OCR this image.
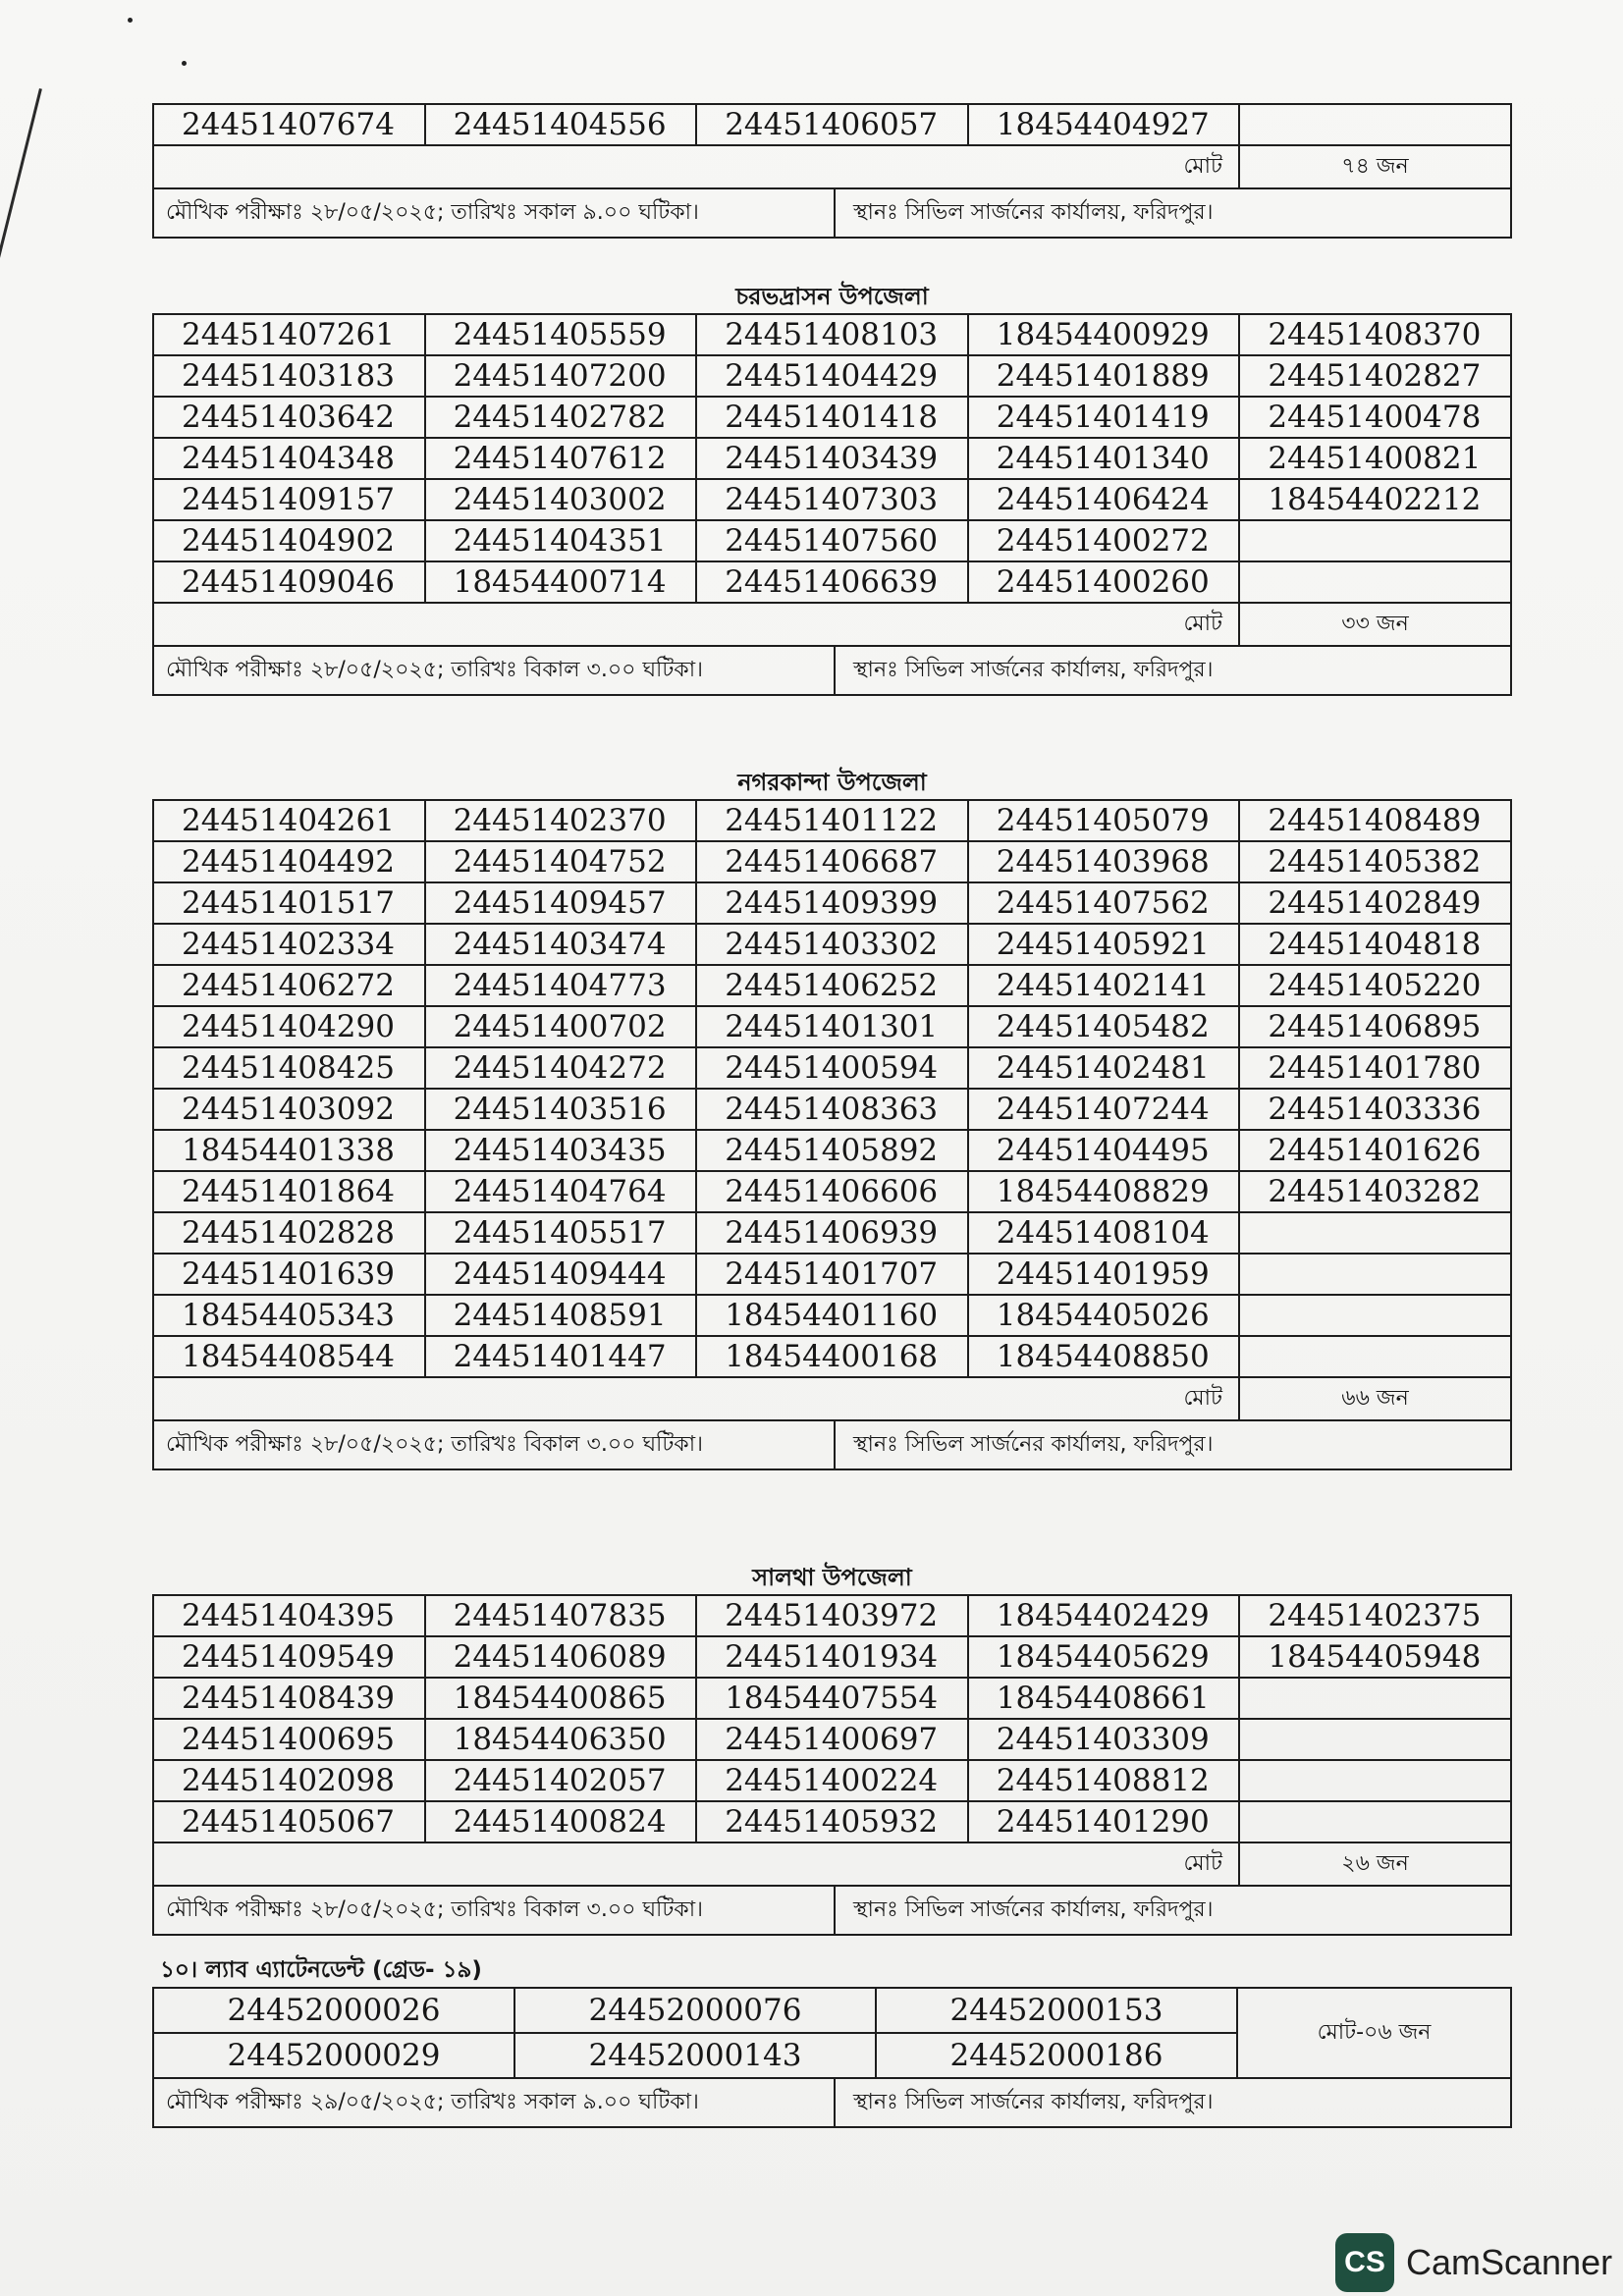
24451407674	24451404556	24451406057	18454404927	
মোট	৭৪ জন
মৌখিক পরীক্ষাঃ ২৮/০৫/২০২৫; তারিখঃ সকাল ৯.০০ ঘটিকা।	স্থানঃ সিভিল সার্জনের কার্যালয়, ফরিদপুর।
চরভদ্রাসন উপজেলা
24451407261	24451405559	24451408103	18454400929	24451408370
24451403183	24451407200	24451404429	24451401889	24451402827
24451403642	24451402782	24451401418	24451401419	24451400478
24451404348	24451407612	24451403439	24451401340	24451400821
24451409157	24451403002	24451407303	24451406424	18454402212
24451404902	24451404351	24451407560	24451400272	
24451409046	18454400714	24451406639	24451400260	
মোট	৩৩ জন
মৌখিক পরীক্ষাঃ ২৮/০৫/২০২৫; তারিখঃ বিকাল ৩.০০ ঘটিকা।	স্থানঃ সিভিল সার্জনের কার্যালয়, ফরিদপুর।
নগরকান্দা উপজেলা
24451404261	24451402370	24451401122	24451405079	24451408489
24451404492	24451404752	24451406687	24451403968	24451405382
24451401517	24451409457	24451409399	24451407562	24451402849
24451402334	24451403474	24451403302	24451405921	24451404818
24451406272	24451404773	24451406252	24451402141	24451405220
24451404290	24451400702	24451401301	24451405482	24451406895
24451408425	24451404272	24451400594	24451402481	24451401780
24451403092	24451403516	24451408363	24451407244	24451403336
18454401338	24451403435	24451405892	24451404495	24451401626
24451401864	24451404764	24451406606	18454408829	24451403282
24451402828	24451405517	24451406939	24451408104	
24451401639	24451409444	24451401707	24451401959	
18454405343	24451408591	18454401160	18454405026	
18454408544	24451401447	18454400168	18454408850	
মোট	৬৬ জন
মৌখিক পরীক্ষাঃ ২৮/০৫/২০২৫; তারিখঃ বিকাল ৩.০০ ঘটিকা।	স্থানঃ সিভিল সার্জনের কার্যালয়, ফরিদপুর।
সালথা উপজেলা
24451404395	24451407835	24451403972	18454402429	24451402375
24451409549	24451406089	24451401934	18454405629	18454405948
24451408439	18454400865	18454407554	18454408661	
24451400695	18454406350	24451400697	24451403309	
24451402098	24451402057	24451400224	24451408812	
24451405067	24451400824	24451405932	24451401290	
মোট	২৬ জন
মৌখিক পরীক্ষাঃ ২৮/০৫/২০২৫; তারিখঃ বিকাল ৩.০০ ঘটিকা।	স্থানঃ সিভিল সার্জনের কার্যালয়, ফরিদপুর।
১০। ল্যাব এ্যাটেনডেন্ট (গ্রেড- ১৯)
24452000026	24452000076	24452000153	মোট-০৬ জন
24452000029	24452000143	24452000186	
মৌখিক পরীক্ষাঃ ২৯/০৫/২০২৫; তারিখঃ সকাল ৯.০০ ঘটিকা।	স্থানঃ সিভিল সার্জনের কার্যালয়, ফরিদপুর।
CS CamScanner
